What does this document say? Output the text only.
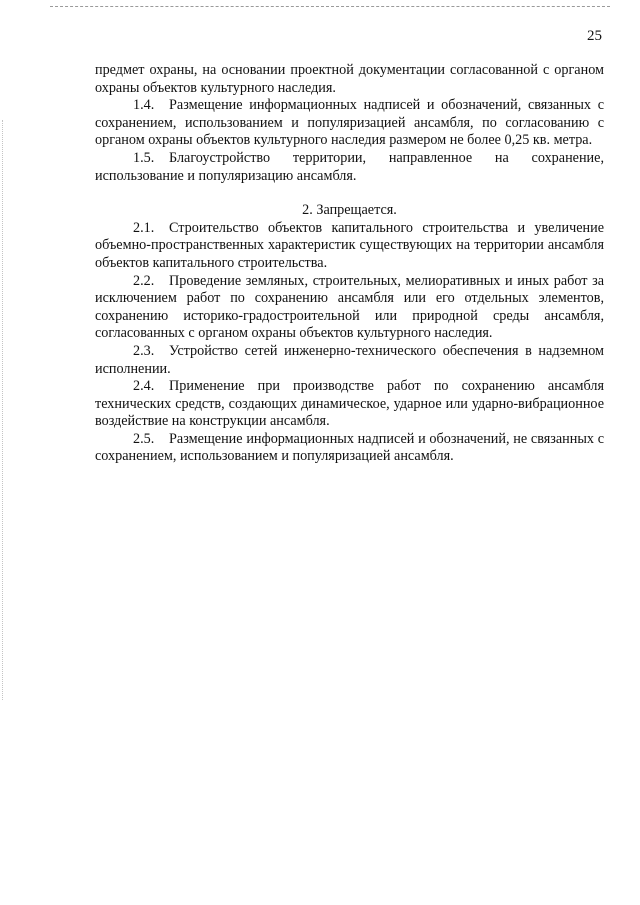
25

предмет охраны, на основании проектной документации согласованной с органом охраны объектов культурного наследия.

1.4. Размещение информационных надписей и обозначений, связанных с сохранением, использованием и популяризацией ансамбля, по согласованию с органом охраны объектов культурного наследия размером не более 0,25 кв. метра.

1.5. Благоустройство территории, направленное на сохранение, использование и популяризацию ансамбля.

2. Запрещается.

2.1. Строительство объектов капитального строительства и увеличение объемно-пространственных характеристик существующих на территории ансамбля объектов капитального строительства.

2.2. Проведение земляных, строительных, мелиоративных и иных работ за исключением работ по сохранению ансамбля или его отдельных элементов, сохранению историко-градостроительной или природной среды ансамбля, согласованных с органом охраны объектов культурного наследия.

2.3. Устройство сетей инженерно-технического обеспечения в надземном исполнении.

2.4. Применение при производстве работ по сохранению ансамбля технических средств, создающих динамическое, ударное или ударно-вибрационное воздействие на конструкции ансамбля.

2.5. Размещение информационных надписей и обозначений, не связанных с сохранением, использованием и популяризацией ансамбля.
